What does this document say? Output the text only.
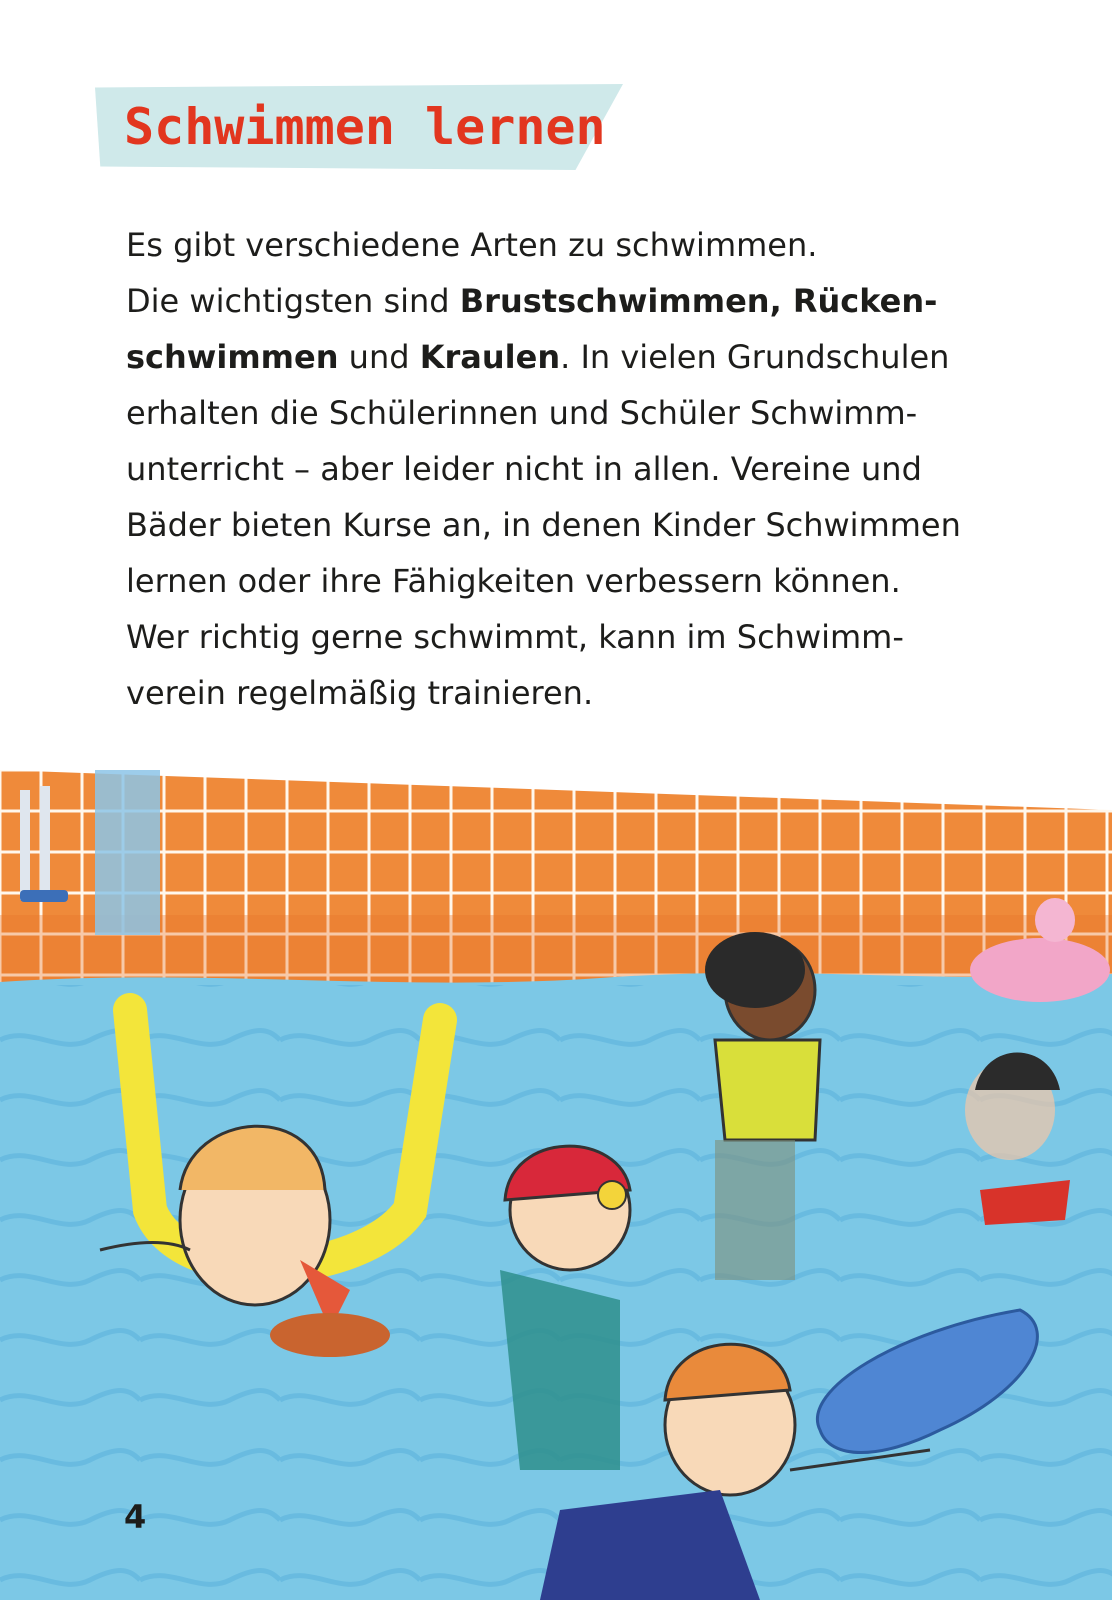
Schwimmen lernen
Es gibt verschiedene Arten zu schwimmen.
Die wichtigsten sind Brustschwimmen, Rücken-
schwimmen und Kraulen. In vielen Grundschulen
erhalten die Schülerinnen und Schüler Schwimm-
unterricht – aber leider nicht in allen. Vereine und
Bäder bieten Kurse an, in denen Kinder Schwimmen
lernen oder ihre Fähigkeiten verbessern können.
Wer richtig gerne schwimmt, kann im Schwimm-
verein regelmäßig trainieren.
4
